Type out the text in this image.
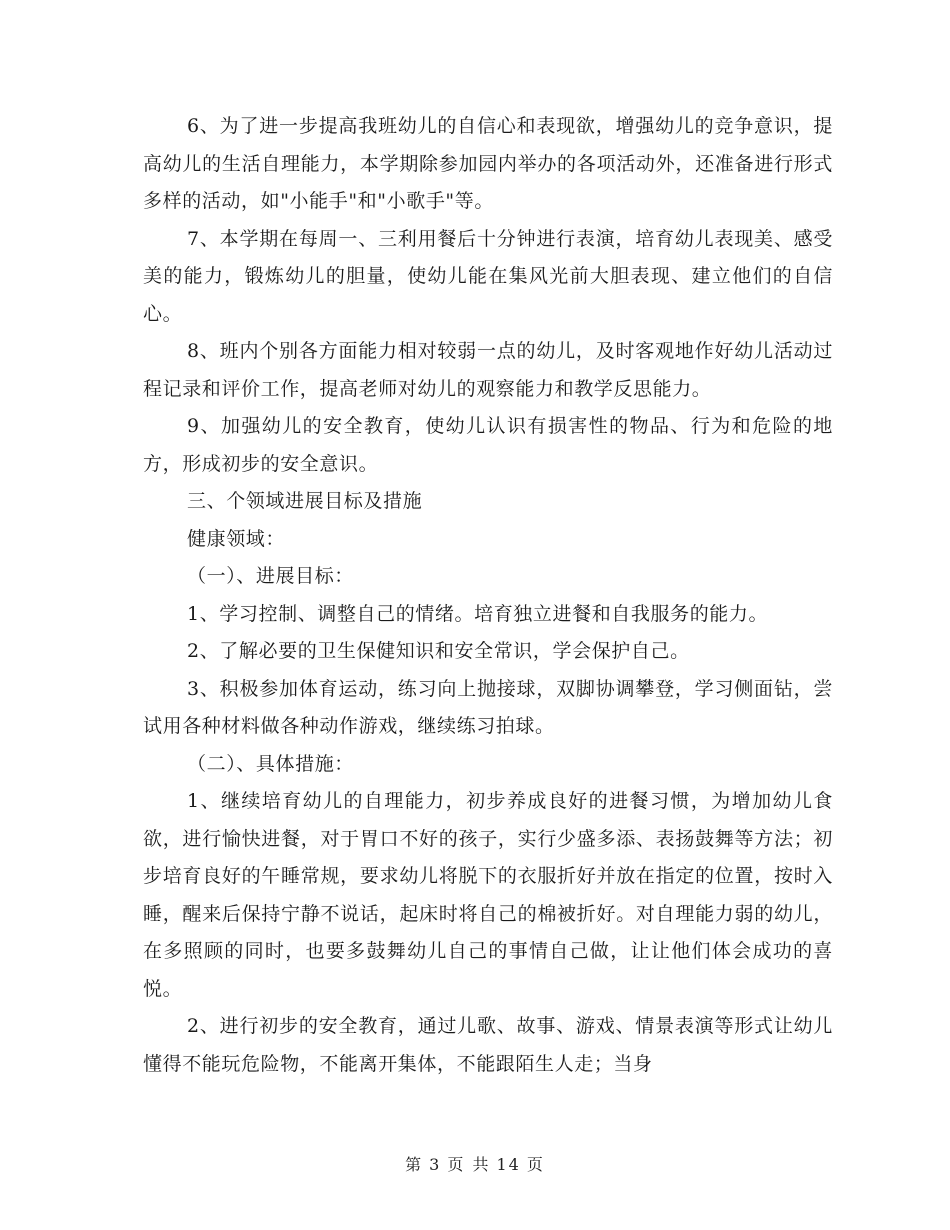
6、为了进一步提高我班幼儿的自信心和表现欲，增强幼儿的竞争意识，提高幼儿的生活自理能力，本学期除参加园内举办的各项活动外，还准备进行形式多样的活动，如"小能手"和"小歌手"等。

7、本学期在每周一、三利用餐后十分钟进行表演，培育幼儿表现美、感受美的能力，锻炼幼儿的胆量，使幼儿能在集风光前大胆表现、建立他们的自信心。

8、班内个别各方面能力相对较弱一点的幼儿，及时客观地作好幼儿活动过程记录和评价工作，提高老师对幼儿的观察能力和教学反思能力。

9、加强幼儿的安全教育，使幼儿认识有损害性的物品、行为和危险的地方，形成初步的安全意识。

三、个领域进展目标及措施

健康领域：

（一）、进展目标：

1、学习控制、调整自己的情绪。培育独立进餐和自我服务的能力。

2、了解必要的卫生保健知识和安全常识，学会保护自己。

3、积极参加体育运动，练习向上抛接球，双脚协调攀登，学习侧面钻，尝试用各种材料做各种动作游戏，继续练习拍球。

（二）、具体措施：

1、继续培育幼儿的自理能力，初步养成良好的进餐习惯，为增加幼儿食欲，进行愉快进餐，对于胃口不好的孩子，实行少盛多添、表扬鼓舞等方法；初步培育良好的午睡常规，要求幼儿将脱下的衣服折好并放在指定的位置，按时入睡，醒来后保持宁静不说话，起床时将自己的棉被折好。对自理能力弱的幼儿，在多照顾的同时，也要多鼓舞幼儿自己的事情自己做，让让他们体会成功的喜悦。

2、进行初步的安全教育，通过儿歌、故事、游戏、情景表演等形式让幼儿懂得不能玩危险物，不能离开集体，不能跟陌生人走；当身

第 3 页 共 14 页
